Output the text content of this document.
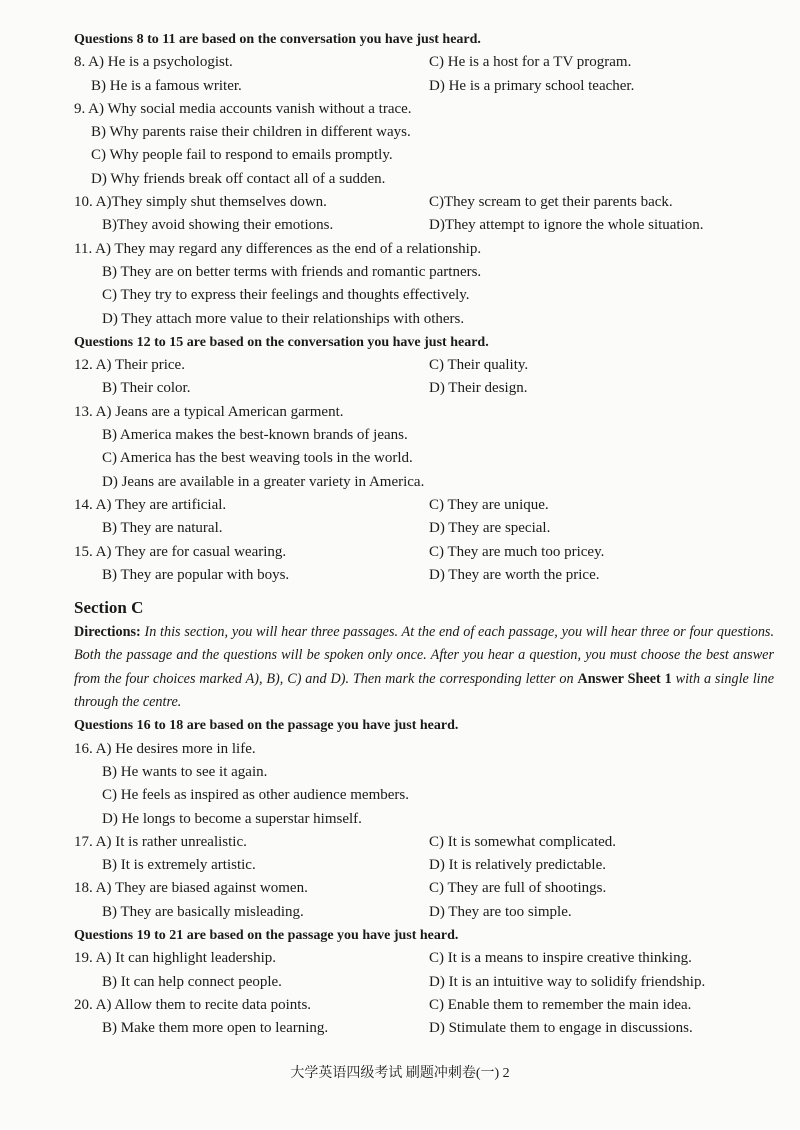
Questions 8 to 11 are based on the conversation you have just heard.
8. A) He is a psychologist.	C) He is a host for a TV program.
B) He is a famous writer.	D) He is a primary school teacher.
9. A) Why social media accounts vanish without a trace.
B) Why parents raise their children in different ways.
C) Why people fail to respond to emails promptly.
D) Why friends break off contact all of a sudden.
10. A)They simply shut themselves down.	C)They scream to get their parents back.
B)They avoid showing their emotions.	D)They attempt to ignore the whole situation.
11. A) They may regard any differences as the end of a relationship.
B) They are on better terms with friends and romantic partners.
C) They try to express their feelings and thoughts effectively.
D) They attach more value to their relationships with others.
Questions 12 to 15 are based on the conversation you have just heard.
12. A) Their price.	C) Their quality.
B) Their color.	D) Their design.
13. A) Jeans are a typical American garment.
B) America makes the best-known brands of jeans.
C) America has the best weaving tools in the world.
D) Jeans are available in a greater variety in America.
14. A) They are artificial.	C) They are unique.
B) They are natural.	D) They are special.
15. A) They are for casual wearing.	C) They are much too pricey.
B) They are popular with boys.	D) They are worth the price.
Section C
Directions: In this section, you will hear three passages. At the end of each passage, you will hear three or four questions. Both the passage and the questions will be spoken only once. After you hear a question, you must choose the best answer from the four choices marked A), B), C) and D). Then mark the corresponding letter on Answer Sheet 1 with a single line through the centre.
Questions 16 to 18 are based on the passage you have just heard.
16. A) He desires more in life.
B) He wants to see it again.
C) He feels as inspired as other audience members.
D) He longs to become a superstar himself.
17. A) It is rather unrealistic.	C) It is somewhat complicated.
B) It is extremely artistic.	D) It is relatively predictable.
18. A) They are biased against women.	C) They are full of shootings.
B) They are basically misleading.	D) They are too simple.
Questions 19 to 21 are based on the passage you have just heard.
19. A) It can highlight leadership.	C) It is a means to inspire creative thinking.
B) It can help connect people.	D) It is an intuitive way to solidify friendship.
20. A) Allow them to recite data points.	C) Enable them to remember the main idea.
B) Make them more open to learning.	D) Stimulate them to engage in discussions.
大学英语四级考试 刷题冲刺卷(一) 2
